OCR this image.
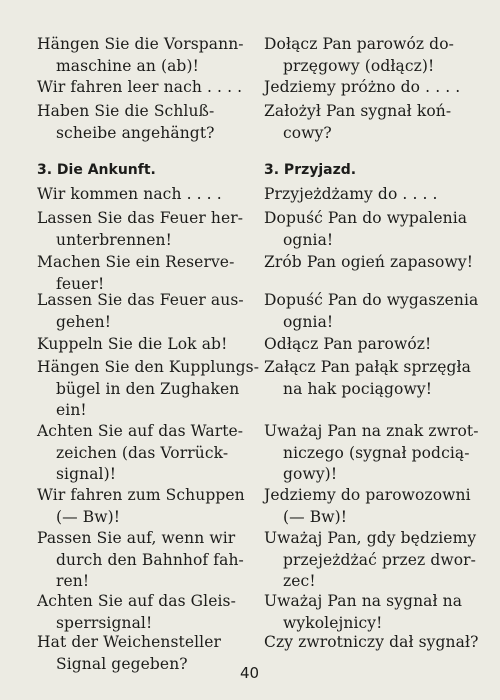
Hängen Sie die Vorspann-
maschine an (ab)!
Wir fahren leer nach . . . .
Haben Sie die Schluß-
scheibe angehängt?
3. Die Ankunft.
Wir kommen nach . . . .
Lassen Sie das Feuer her-
unterbrennen!
Machen Sie ein Reserve-
feuer!
Lassen Sie das Feuer aus-
gehen!
Kuppeln Sie die Lok ab!
Hängen Sie den Kupplungs-
bügel in den Zughaken
ein!
Achten Sie auf das Warte-
zeichen (das Vorrück-
signal)!
Wir fahren zum Schuppen
(— Bw)!
Passen Sie auf, wenn wir
durch den Bahnhof fah-
ren!
Achten Sie auf das Gleis-
sperrsignal!
Hat der Weichensteller
Signal gegeben?
Dołącz Pan parowóz do-
przęgowy (odłącz)!
Jedziemy próżno do . . . .
Założył Pan sygnał koń-
cowy?
3. Przyjazd.
Przyjeżdżamy do . . . .
Dopuść Pan do wypalenia
ognia!
Zrób Pan ogień zapasowy!
Dopuść Pan do wygaszenia
ognia!
Odłącz Pan parowóz!
Załącz Pan pałąk sprzęgła
na hak pociągowy!
Uważaj Pan na znak zwrot-
niczego (sygnał podcią-
gowy)!
Jedziemy do parowozowni
(— Bw)!
Uważaj Pan, gdy będziemy
przejeżdżać przez dwor-
zec!
Uważaj Pan na sygnał na
wykolejnicy!
Czy zwrotniczy dał sygnał?
40
